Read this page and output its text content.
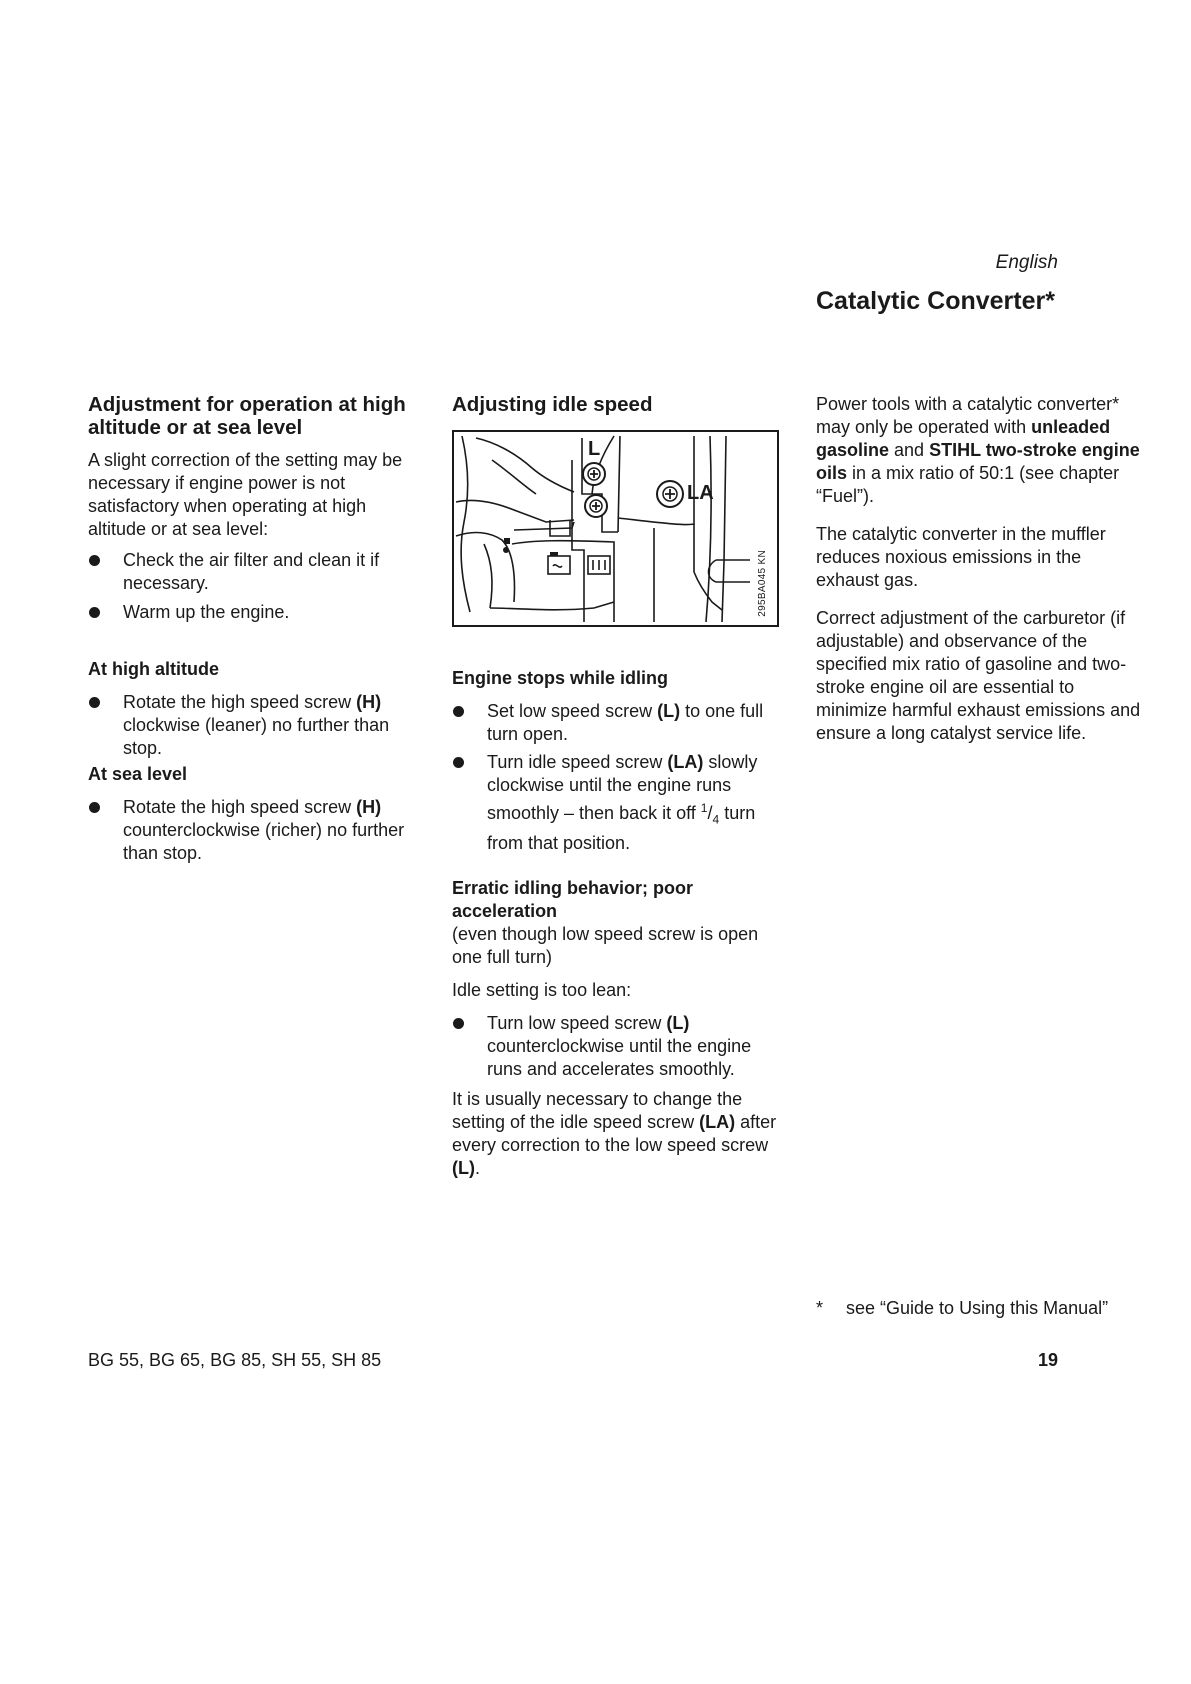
English
Catalytic Converter*
Adjustment for operation at high altitude or at sea level

A slight correction of the setting may be necessary if engine power is not satisfactory when operating at high altitude or at sea level:

Check the air filter and clean it if necessary.
Warm up the engine.
At high altitude
Rotate the high speed screw (H) clockwise (leaner) no further than stop.
At sea level
Rotate the high speed screw (H) counterclockwise (richer) no further than stop.
Adjusting idle speed
L
LA
295BA045 KN
Engine stops while idling
Set low speed screw (L) to one full turn open.
Turn idle speed screw (LA) slowly clockwise until the engine runs smoothly – then back it off $^1/_4$ turn from that position.
Erratic idling behavior; poor acceleration

(even though low speed screw is open one full turn)

Idle setting is too lean:

Turn low speed screw (L) counterclockwise until the engine runs and accelerates smoothly.

It is usually necessary to change the setting of the idle speed screw (LA) after every correction to the low speed screw (L).

Power tools with a catalytic converter* may only be operated with unleaded gasoline and STIHL two-stroke engine oils in a mix ratio of 50:1 (see chapter “Fuel”).

The catalytic converter in the muffler reduces noxious emissions in the exhaust gas.

Correct adjustment of the carburetor (if adjustable) and observance of the specified mix ratio of gasoline and two-stroke engine oil are essential to minimize harmful exhaust emissions and ensure a long catalyst service life.

* see “Guide to Using this Manual”
BG 55, BG 65, BG 85, SH 55, SH 85	19
